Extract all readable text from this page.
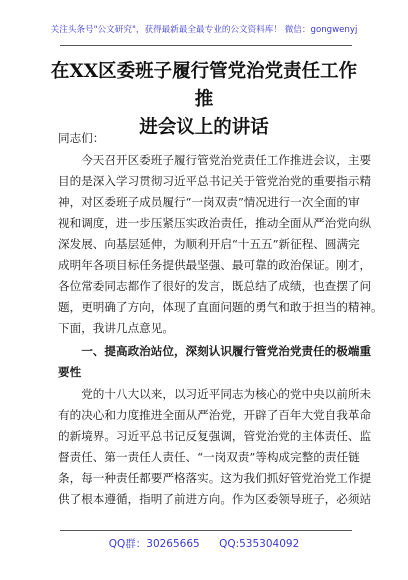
关注头条号"公文研究"，获得最新最全最专业的公文资料库！ 微信：gongwenyj
在XX区委班子履行管党治党责任工作推
进会议上的讲话
同志们：
　　今天召开区委班子履行管党治党责任工作推进会议，主要
目的是深入学习贯彻习近平总书记关于管党治党的重要指示精
神，对区委班子成员履行“一岗双责”情况进行一次全面的审
视和调度，进一步压紧压实政治责任，推动全面从严治党向纵
深发展、向基层延伸，为顺利开启“十五五”新征程、圆满完
成明年各项目标任务提供最坚强、最可靠的政治保证。刚才，
各位常委同志都作了很好的发言，既总结了成绩，也查摆了问
题，更明确了方向，体现了直面问题的勇气和敢于担当的精神。
下面，我讲几点意见。
　　一、提高政治站位，深刻认识履行管党治党责任的极端重
要性
　　党的十八大以来，以习近平同志为核心的党中央以前所未
有的决心和力度推进全面从严治党，开辟了百年大党自我革命
的新境界。习近平总书记反复强调，管党治党的主体责任、监
督责任、第一责任人责任、“一岗双责”等构成完整的责任链
条，每一种责任都要严格落实。这为我们抓好管党治党工作提
供了根本遵循，指明了前进方向。作为区委领导班子，必须站
QQ群：30265665 QQ:535304092
